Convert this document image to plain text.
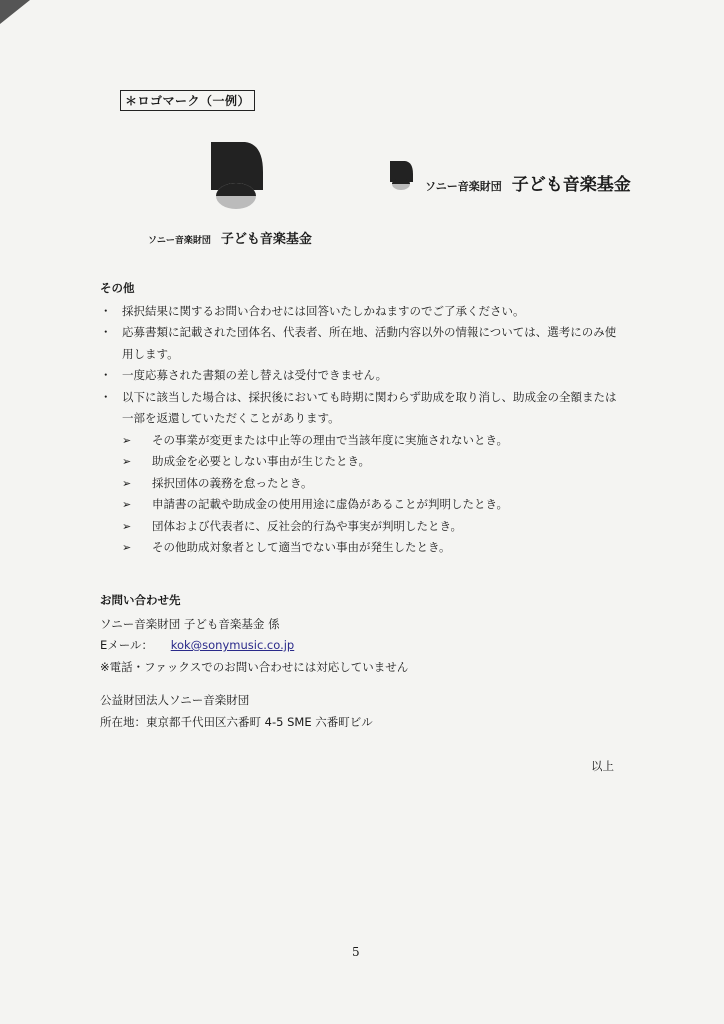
＊ロゴマーク（一例）
ソニー音楽財団 子ども音楽基金
ソニー音楽財団 子ども音楽基金
その他
・ 採択結果に関するお問い合わせには回答いたしかねますのでご了承ください。
・ 応募書類に記載された団体名、代表者、所在地、活動内容以外の情報については、選考にのみ使用します。
・ 一度応募された書類の差し替えは受付できません。
・ 以下に該当した場合は、採択後においても時期に関わらず助成を取り消し、助成金の全額または一部を返還していただくことがあります。
➢	その事業が変更または中止等の理由で当該年度に実施されないとき。
➢	助成金を必要としない事由が生じたとき。
➢	採択団体の義務を怠ったとき。
➢	申請書の記載や助成金の使用用途に虚偽があることが判明したとき。
➢	団体および代表者に、反社会的行為や事実が判明したとき。
➢	その他助成対象者として適当でない事由が発生したとき。
お問い合わせ先
ソニー音楽財団 子ども音楽基金 係
Eメール： kok@sonymusic.co.jp
※電話・ファックスでのお問い合わせには対応していません
公益財団法人ソニー音楽財団
所在地：東京都千代田区六番町 4-5 SME 六番町ビル
以上
5
